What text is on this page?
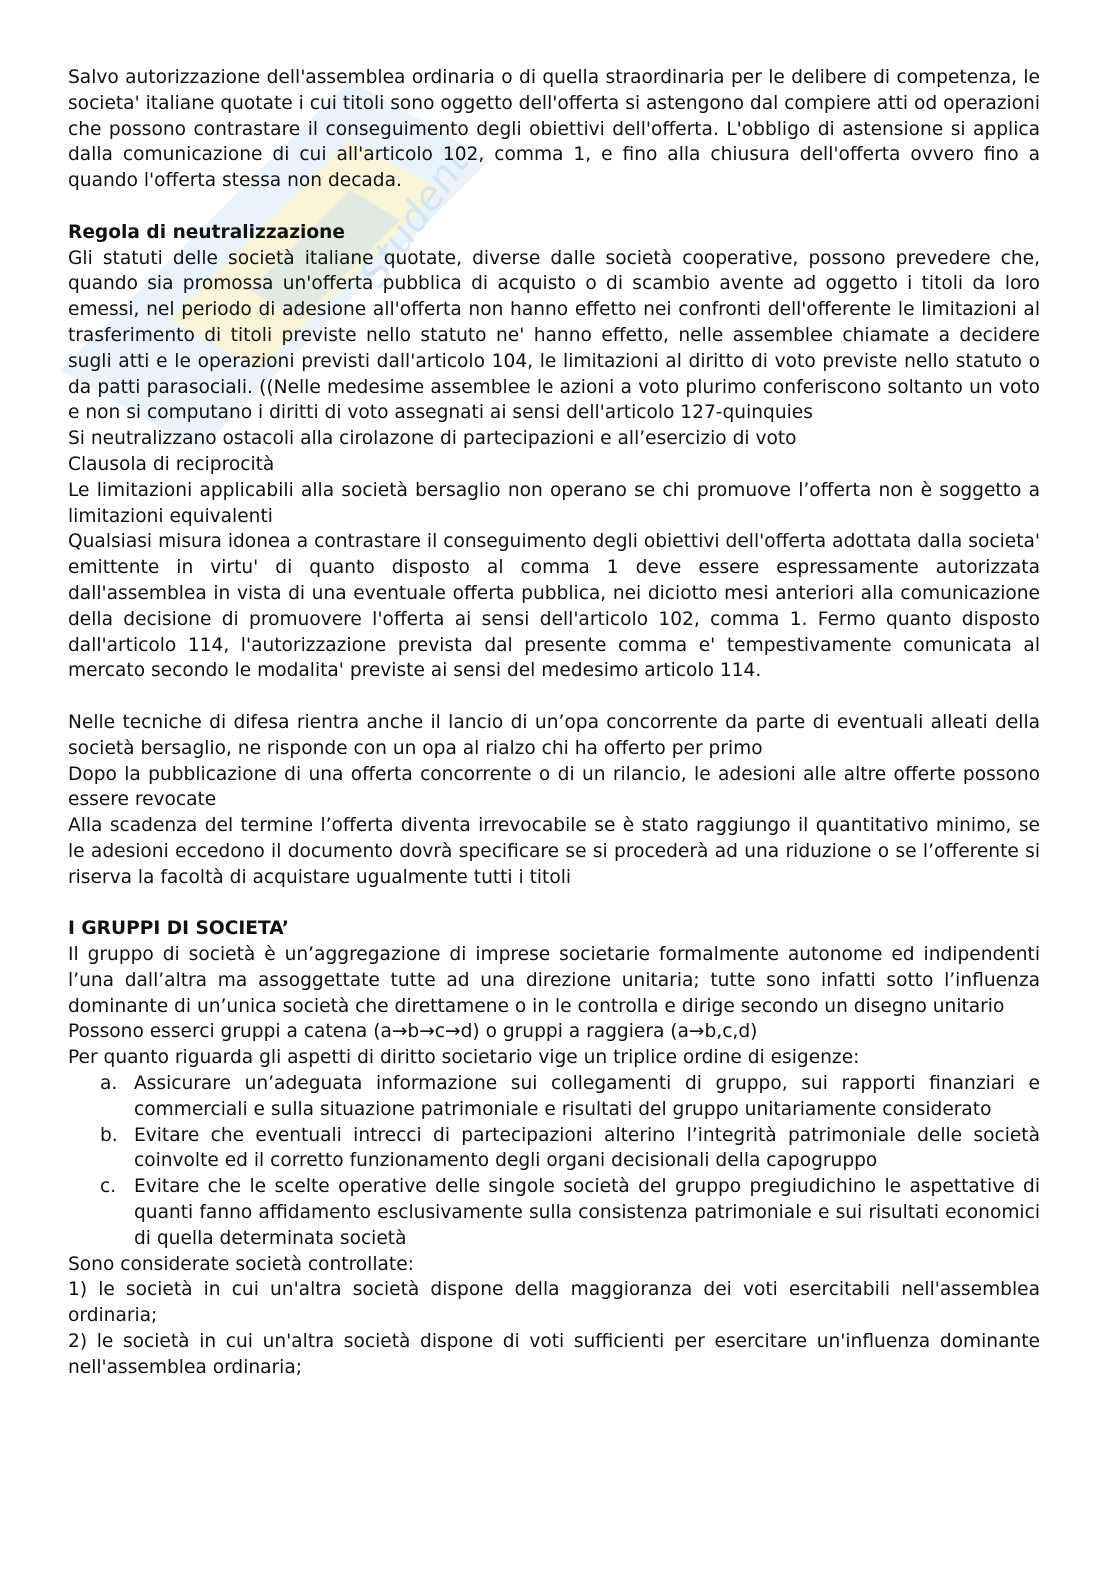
Student

Salvo autorizzazione dell'assemblea ordinaria o di quella straordinaria per le delibere di competenza, le societa' italiane quotate i cui titoli sono oggetto dell'offerta si astengono dal compiere atti od operazioni che possono contrastare il conseguimento degli obiettivi dell'offerta. L'obbligo di astensione si applica dalla comunicazione di cui all'articolo 102, comma 1, e fino alla chiusura dell'offerta ovvero fino a quando l'offerta stessa non decada.

Regola di neutralizzazione

Gli statuti delle società italiane quotate, diverse dalle società cooperative, possono prevedere che, quando sia promossa un'offerta pubblica di acquisto o di scambio avente ad oggetto i titoli da loro emessi, nel periodo di adesione all'offerta non hanno effetto nei confronti dell'offerente le limitazioni al trasferimento di titoli previste nello statuto ne' hanno effetto, nelle assemblee chiamate a decidere sugli atti e le operazioni previsti dall'articolo 104, le limitazioni al diritto di voto previste nello statuto o da patti parasociali. ((Nelle medesime assemblee le azioni a voto plurimo conferiscono soltanto un voto e non si computano i diritti di voto assegnati ai sensi dell'articolo 127-quinquies

Si neutralizzano ostacoli alla cirolazone di partecipazioni e all’esercizio di voto

Clausola di reciprocità

Le limitazioni applicabili alla società bersaglio non operano se chi promuove l’offerta non è soggetto a limitazioni equivalenti

Qualsiasi misura idonea a contrastare il conseguimento degli obiettivi dell'offerta adottata dalla societa' emittente in virtu' di quanto disposto al comma 1 deve essere espressamente autorizzata dall'assemblea in vista di una eventuale offerta pubblica, nei diciotto mesi anteriori alla comunicazione della decisione di promuovere l'offerta ai sensi dell'articolo 102, comma 1. Fermo quanto disposto dall'articolo 114, l'autorizzazione prevista dal presente comma e' tempestivamente comunicata al mercato secondo le modalita' previste ai sensi del medesimo articolo 114.

Nelle tecniche di difesa rientra anche il lancio di un’opa concorrente da parte di eventuali alleati della società bersaglio, ne risponde con un opa al rialzo chi ha offerto per primo

Dopo la pubblicazione di una offerta concorrente o di un rilancio, le adesioni alle altre offerte possono essere revocate

Alla scadenza del termine l’offerta diventa irrevocabile se è stato raggiungo il quantitativo minimo, se le adesioni eccedono il documento dovrà specificare se si procederà ad una riduzione o se l’offerente si riserva la facoltà di acquistare ugualmente tutti i titoli

I GRUPPI DI SOCIETA’

Il gruppo di società è un’aggregazione di imprese societarie formalmente autonome ed indipendenti l’una dall’altra ma assoggettate tutte ad una direzione unitaria; tutte sono infatti sotto l’influenza dominante di un’unica società che direttamene o in le controlla e dirige secondo un disegno unitario

Possono esserci gruppi a catena (a→b→c→d) o gruppi a raggiera (a→b,c,d)

Per quanto riguarda gli aspetti di diritto societario vige un triplice ordine di esigenze:

a. Assicurare un’adeguata informazione sui collegamenti di gruppo, sui rapporti finanziari e commerciali e sulla situazione patrimoniale e risultati del gruppo unitariamente considerato
b. Evitare che eventuali intrecci di partecipazioni alterino l’integrità patrimoniale delle società coinvolte ed il corretto funzionamento degli organi decisionali della capogruppo
c. Evitare che le scelte operative delle singole società del gruppo pregiudichino le aspettative di quanti fanno affidamento esclusivamente sulla consistenza patrimoniale e sui risultati economici di quella determinata società

Sono considerate società controllate:

1) le società in cui un'altra società dispone della maggioranza dei voti esercitabili nell'assemblea ordinaria;

2) le società in cui un'altra società dispone di voti sufficienti per esercitare un'influenza dominante nell'assemblea ordinaria;
